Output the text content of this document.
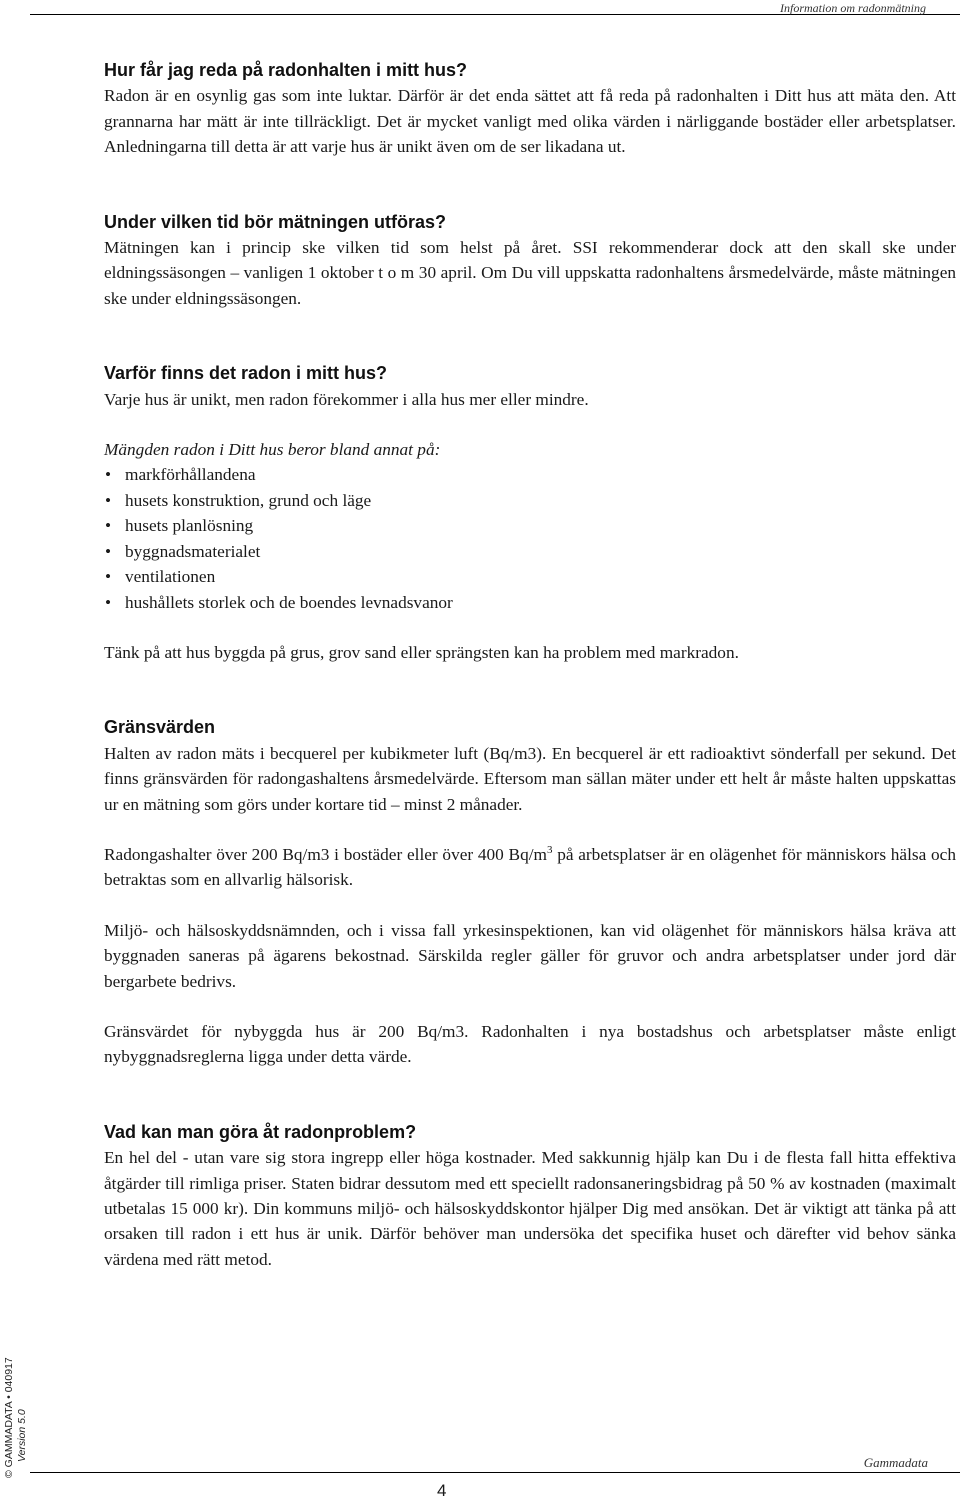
Information om radonmätning
Hur får jag reda på radonhalten i mitt hus?

Radon är en osynlig gas som inte luktar. Därför är det enda sättet att få reda på radonhalten i Ditt hus att mäta den. Att grannarna har mätt är inte tillräckligt. Det är mycket vanligt med olika värden i närliggande bostäder eller arbetsplatser. Anledningarna till detta är att varje hus är unikt även om de ser likadana ut.

Under vilken tid bör mätningen utföras?

Mätningen kan i princip ske vilken tid som helst på året. SSI rekommenderar dock att den skall ske under eldningssäsongen – vanligen 1 oktober t o m 30 april. Om Du vill uppskatta radonhaltens årsmedelvärde, måste mätningen ske under eldningssäsongen.

Varför finns det radon i mitt hus?

Varje hus är unikt, men radon förekommer i alla hus mer eller mindre.

Mängden radon i Ditt hus beror bland annat på:

• markförhållandena
• husets konstruktion, grund och läge
• husets planlösning
• byggnadsmaterialet
• ventilationen
• hushållets storlek och de boendes levnadsvanor

Tänk på att hus byggda på grus, grov sand eller sprängsten kan ha problem med markradon.

Gränsvärden

Halten av radon mäts i becquerel per kubikmeter luft (Bq/m3). En becquerel är ett radioaktivt sönderfall per sekund. Det finns gränsvärden för radongashaltens årsmedelvärde. Eftersom man sällan mäter under ett helt år måste halten uppskattas ur en mätning som görs under kortare tid – minst 2 månader.

Radongashalter över 200 Bq/m3 i bostäder eller över 400 $Bq/m^3$ på arbetsplatser är en olägenhet för människors hälsa och betraktas som en allvarlig hälsorisk.

Miljö- och hälsoskyddsnämnden, och i vissa fall yrkesinspektionen, kan vid olägenhet för människors hälsa kräva att byggnaden saneras på ägarens bekostnad. Särskilda regler gäller för gruvor och andra arbetsplatser under jord där bergarbete bedrivs.

Gränsvärdet för nybyggda hus är 200 Bq/m3. Radonhalten i nya bostadshus och arbetsplatser måste enligt nybyggnadsreglerna ligga under detta värde.

Vad kan man göra åt radonproblem?

En hel del - utan vare sig stora ingrepp eller höga kostnader. Med sakkunnig hjälp kan Du i de flesta fall hitta effektiva åtgärder till rimliga priser. Staten bidrar dessutom med ett speciellt radonsaneringsbidrag på 50 % av kostnaden (maximalt utbetalas 15 000 kr). Din kommuns miljö- och hälsoskyddskontor hjälper Dig med ansökan. Det är viktigt att tänka på att orsaken till radon i ett hus är unik. Därför behöver man undersöka det specifika huset och därefter vid behov sänka värdena med rätt metod.

© GAMMADATA • 040917 Version 5.0
Gammadata
4
